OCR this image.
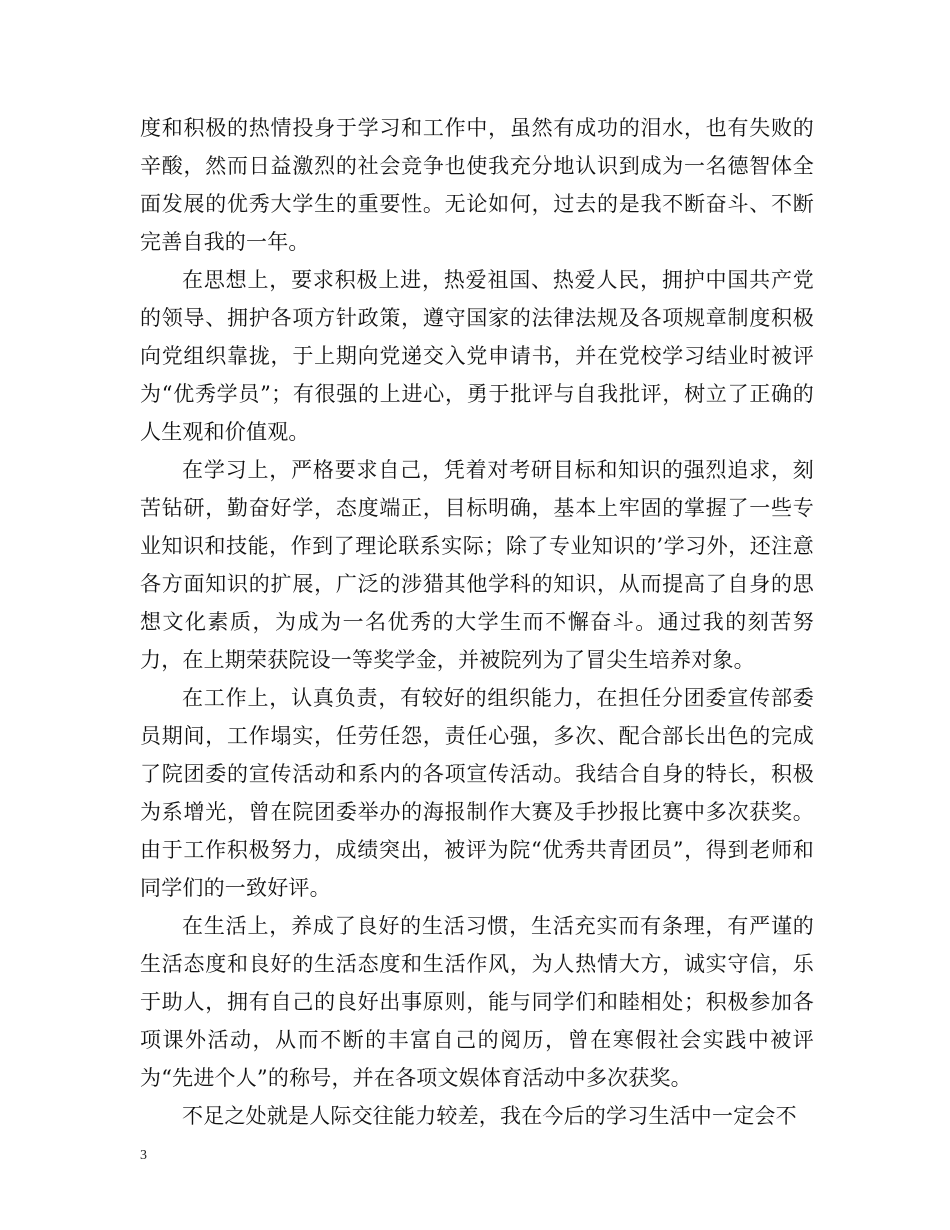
度和积极的热情投身于学习和工作中，虽然有成功的泪水，也有失败的辛酸，然而日益激烈的社会竞争也使我充分地认识到成为一名德智体全面发展的优秀大学生的重要性。无论如何，过去的是我不断奋斗、不断完善自我的一年。

在思想上，要求积极上进，热爱祖国、热爱人民，拥护中国共产党的领导、拥护各项方针政策，遵守国家的法律法规及各项规章制度积极向党组织靠拢，于上期向党递交入党申请书，并在党校学习结业时被评为“优秀学员”；有很强的上进心，勇于批评与自我批评，树立了正确的人生观和价值观。

在学习上，严格要求自己，凭着对考研目标和知识的强烈追求，刻苦钻研，勤奋好学，态度端正，目标明确，基本上牢固的掌握了一些专业知识和技能，作到了理论联系实际；除了专业知识的’学习外，还注意各方面知识的扩展，广泛的涉猎其他学科的知识，从而提高了自身的思想文化素质，为成为一名优秀的大学生而不懈奋斗。通过我的刻苦努力，在上期荣获院设一等奖学金，并被院列为了冒尖生培养对象。

在工作上，认真负责，有较好的组织能力，在担任分团委宣传部委员期间，工作塌实，任劳任怨，责任心强，多次、配合部长出色的完成了院团委的宣传活动和系内的各项宣传活动。我结合自身的特长，积极为系增光，曾在院团委举办的海报制作大赛及手抄报比赛中多次获奖。由于工作积极努力，成绩突出，被评为院“优秀共青团员”，得到老师和同学们的一致好评。

在生活上，养成了良好的生活习惯，生活充实而有条理，有严谨的生活态度和良好的生活态度和生活作风，为人热情大方，诚实守信，乐于助人，拥有自己的良好出事原则，能与同学们和睦相处；积极参加各项课外活动，从而不断的丰富自己的阅历，曾在寒假社会实践中被评为“先进个人”的称号，并在各项文娱体育活动中多次获奖。

不足之处就是人际交往能力较差，我在今后的学习生活中一定会不

3
